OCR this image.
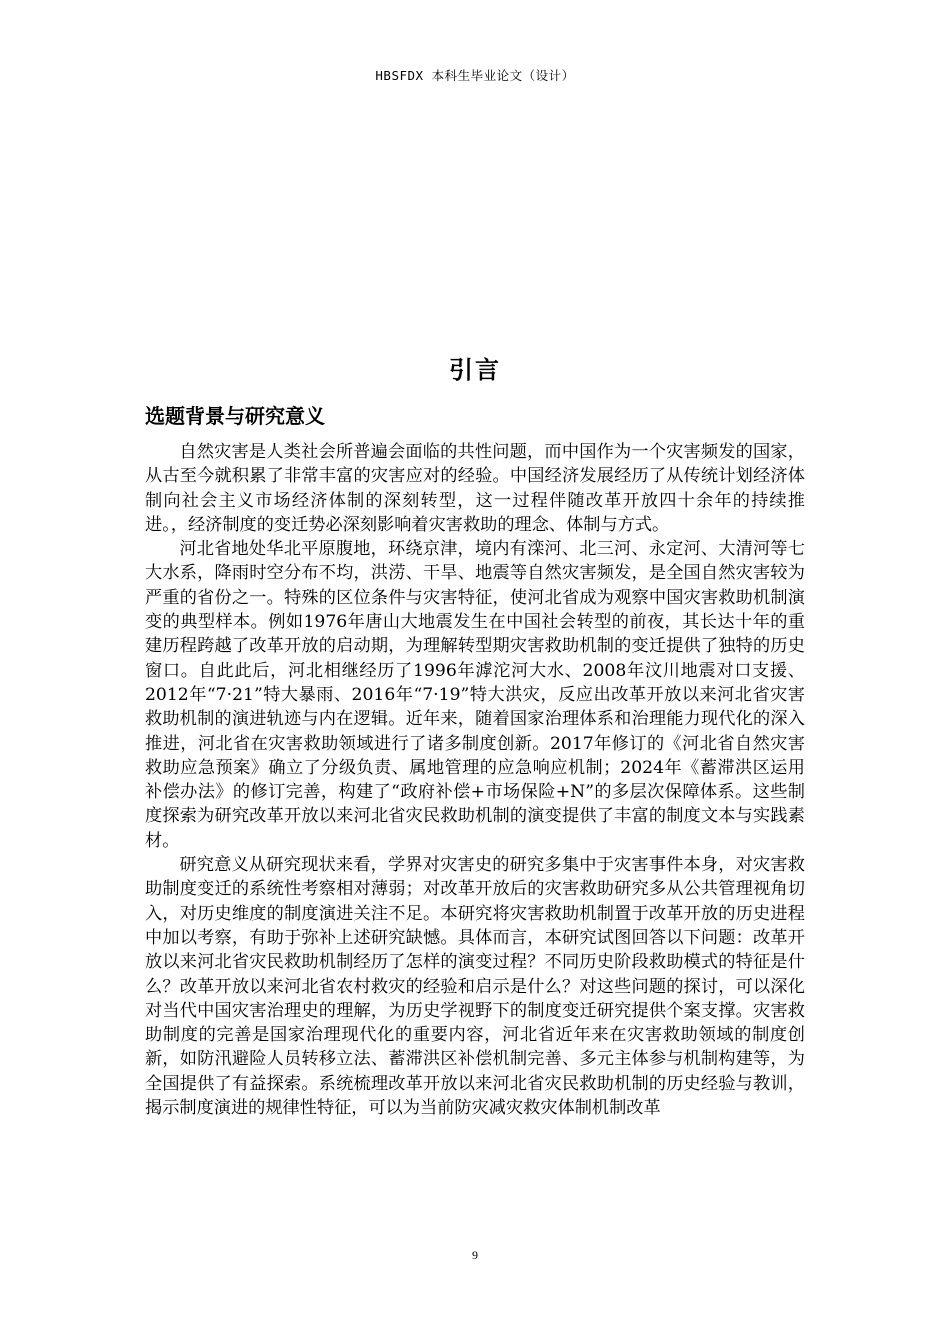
HBSFDX 本科生毕业论文（设计）
引言
选题背景与研究意义

自然灾害是人类社会所普遍会面临的共性问题，而中国作为一个灾害频发的国家，从古至今就积累了非常丰富的灾害应对的经验。中国经济发展经历了从传统计划经济体制向社会主义市场经济体制的深刻转型，这一过程伴随改革开放四十余年的持续推进。，经济制度的变迁势必深刻影响着灾害救助的理念、体制与方式。

河北省地处华北平原腹地，环绕京津，境内有滦河、北三河、永定河、大清河等七大水系，降雨时空分布不均，洪涝、干旱、地震等自然灾害频发，是全国自然灾害较为严重的省份之一。特殊的区位条件与灾害特征，使河北省成为观察中国灾害救助机制演变的典型样本。例如1976年唐山大地震发生在中国社会转型的前夜，其长达十年的重建历程跨越了改革开放的启动期，为理解转型期灾害救助机制的变迁提供了独特的历史窗口。自此此后，河北相继经历了1996年滹沱河大水、2008年汶川地震对口支援、2012年“7·21”特大暴雨、2016年“7·19”特大洪灾，反应出改革开放以来河北省灾害救助机制的演进轨迹与内在逻辑。近年来，随着国家治理体系和治理能力现代化的深入推进，河北省在灾害救助领域进行了诸多制度创新。2017年修订的《河北省自然灾害救助应急预案》确立了分级负责、属地管理的应急响应机制；2024年《蓄滞洪区运用补偿办法》的修订完善，构建了“政府补偿+市场保险+N”的多层次保障体系。这些制度探索为研究改革开放以来河北省灾民救助机制的演变提供了丰富的制度文本与实践素材。

研究意义从研究现状来看，学界对灾害史的研究多集中于灾害事件本身，对灾害救助制度变迁的系统性考察相对薄弱；对改革开放后的灾害救助研究多从公共管理视角切入，对历史维度的制度演进关注不足。本研究将灾害救助机制置于改革开放的历史进程中加以考察，有助于弥补上述研究缺憾。具体而言，本研究试图回答以下问题：改革开放以来河北省灾民救助机制经历了怎样的演变过程？不同历史阶段救助模式的特征是什么？改革开放以来河北省农村救灾的经验和启示是什么？对这些问题的探讨，可以深化对当代中国灾害治理史的理解，为历史学视野下的制度变迁研究提供个案支撑。灾害救助制度的完善是国家治理现代化的重要内容，河北省近年来在灾害救助领域的制度创新，如防汛避险人员转移立法、蓄滞洪区补偿机制完善、多元主体参与机制构建等，为全国提供了有益探索。系统梳理改革开放以来河北省灾民救助机制的历史经验与教训，揭示制度演进的规律性特征，可以为当前防灾减灾救灾体制机制改革

9
